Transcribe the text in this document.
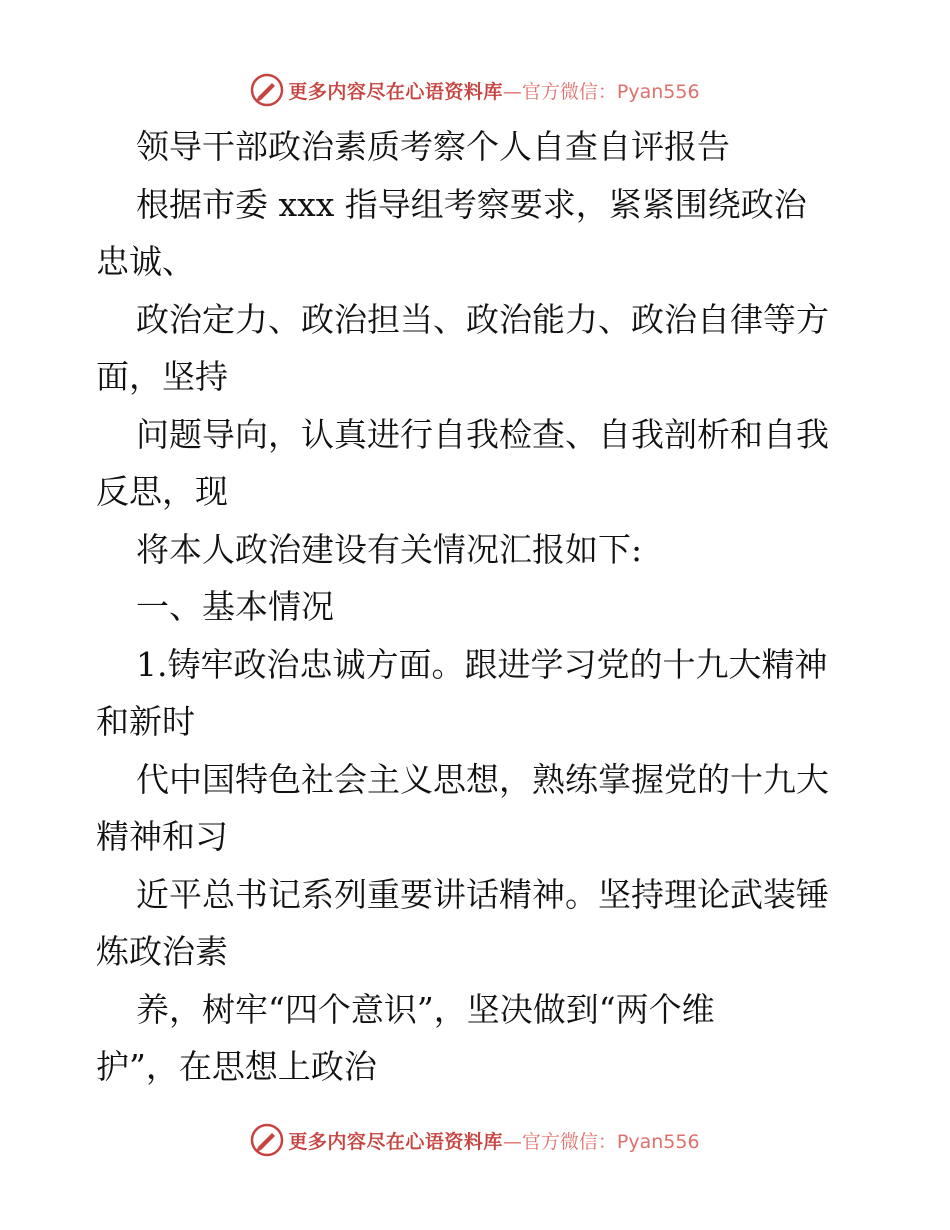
更多内容尽在心语资料库 —官方微信：Pyan556
领导干部政治素质考察个人自查自评报告
根据市委 xxx 指导组考察要求，紧紧围绕政治
忠诚、
政治定力、政治担当、政治能力、政治自律等方
面，坚持
问题导向，认真进行自我检查、自我剖析和自我
反思，现
将本人政治建设有关情况汇报如下:
一、基本情况
1.铸牢政治忠诚方面。跟进学习党的十九大精神
和新时
代中国特色社会主义思想，熟练掌握党的十九大
精神和习
近平总书记系列重要讲话精神。坚持理论武装锤
炼政治素
养，树牢“四个意识”，坚决做到“两个维
护”，在思想上政治
更多内容尽在心语资料库 —官方微信：Pyan556
